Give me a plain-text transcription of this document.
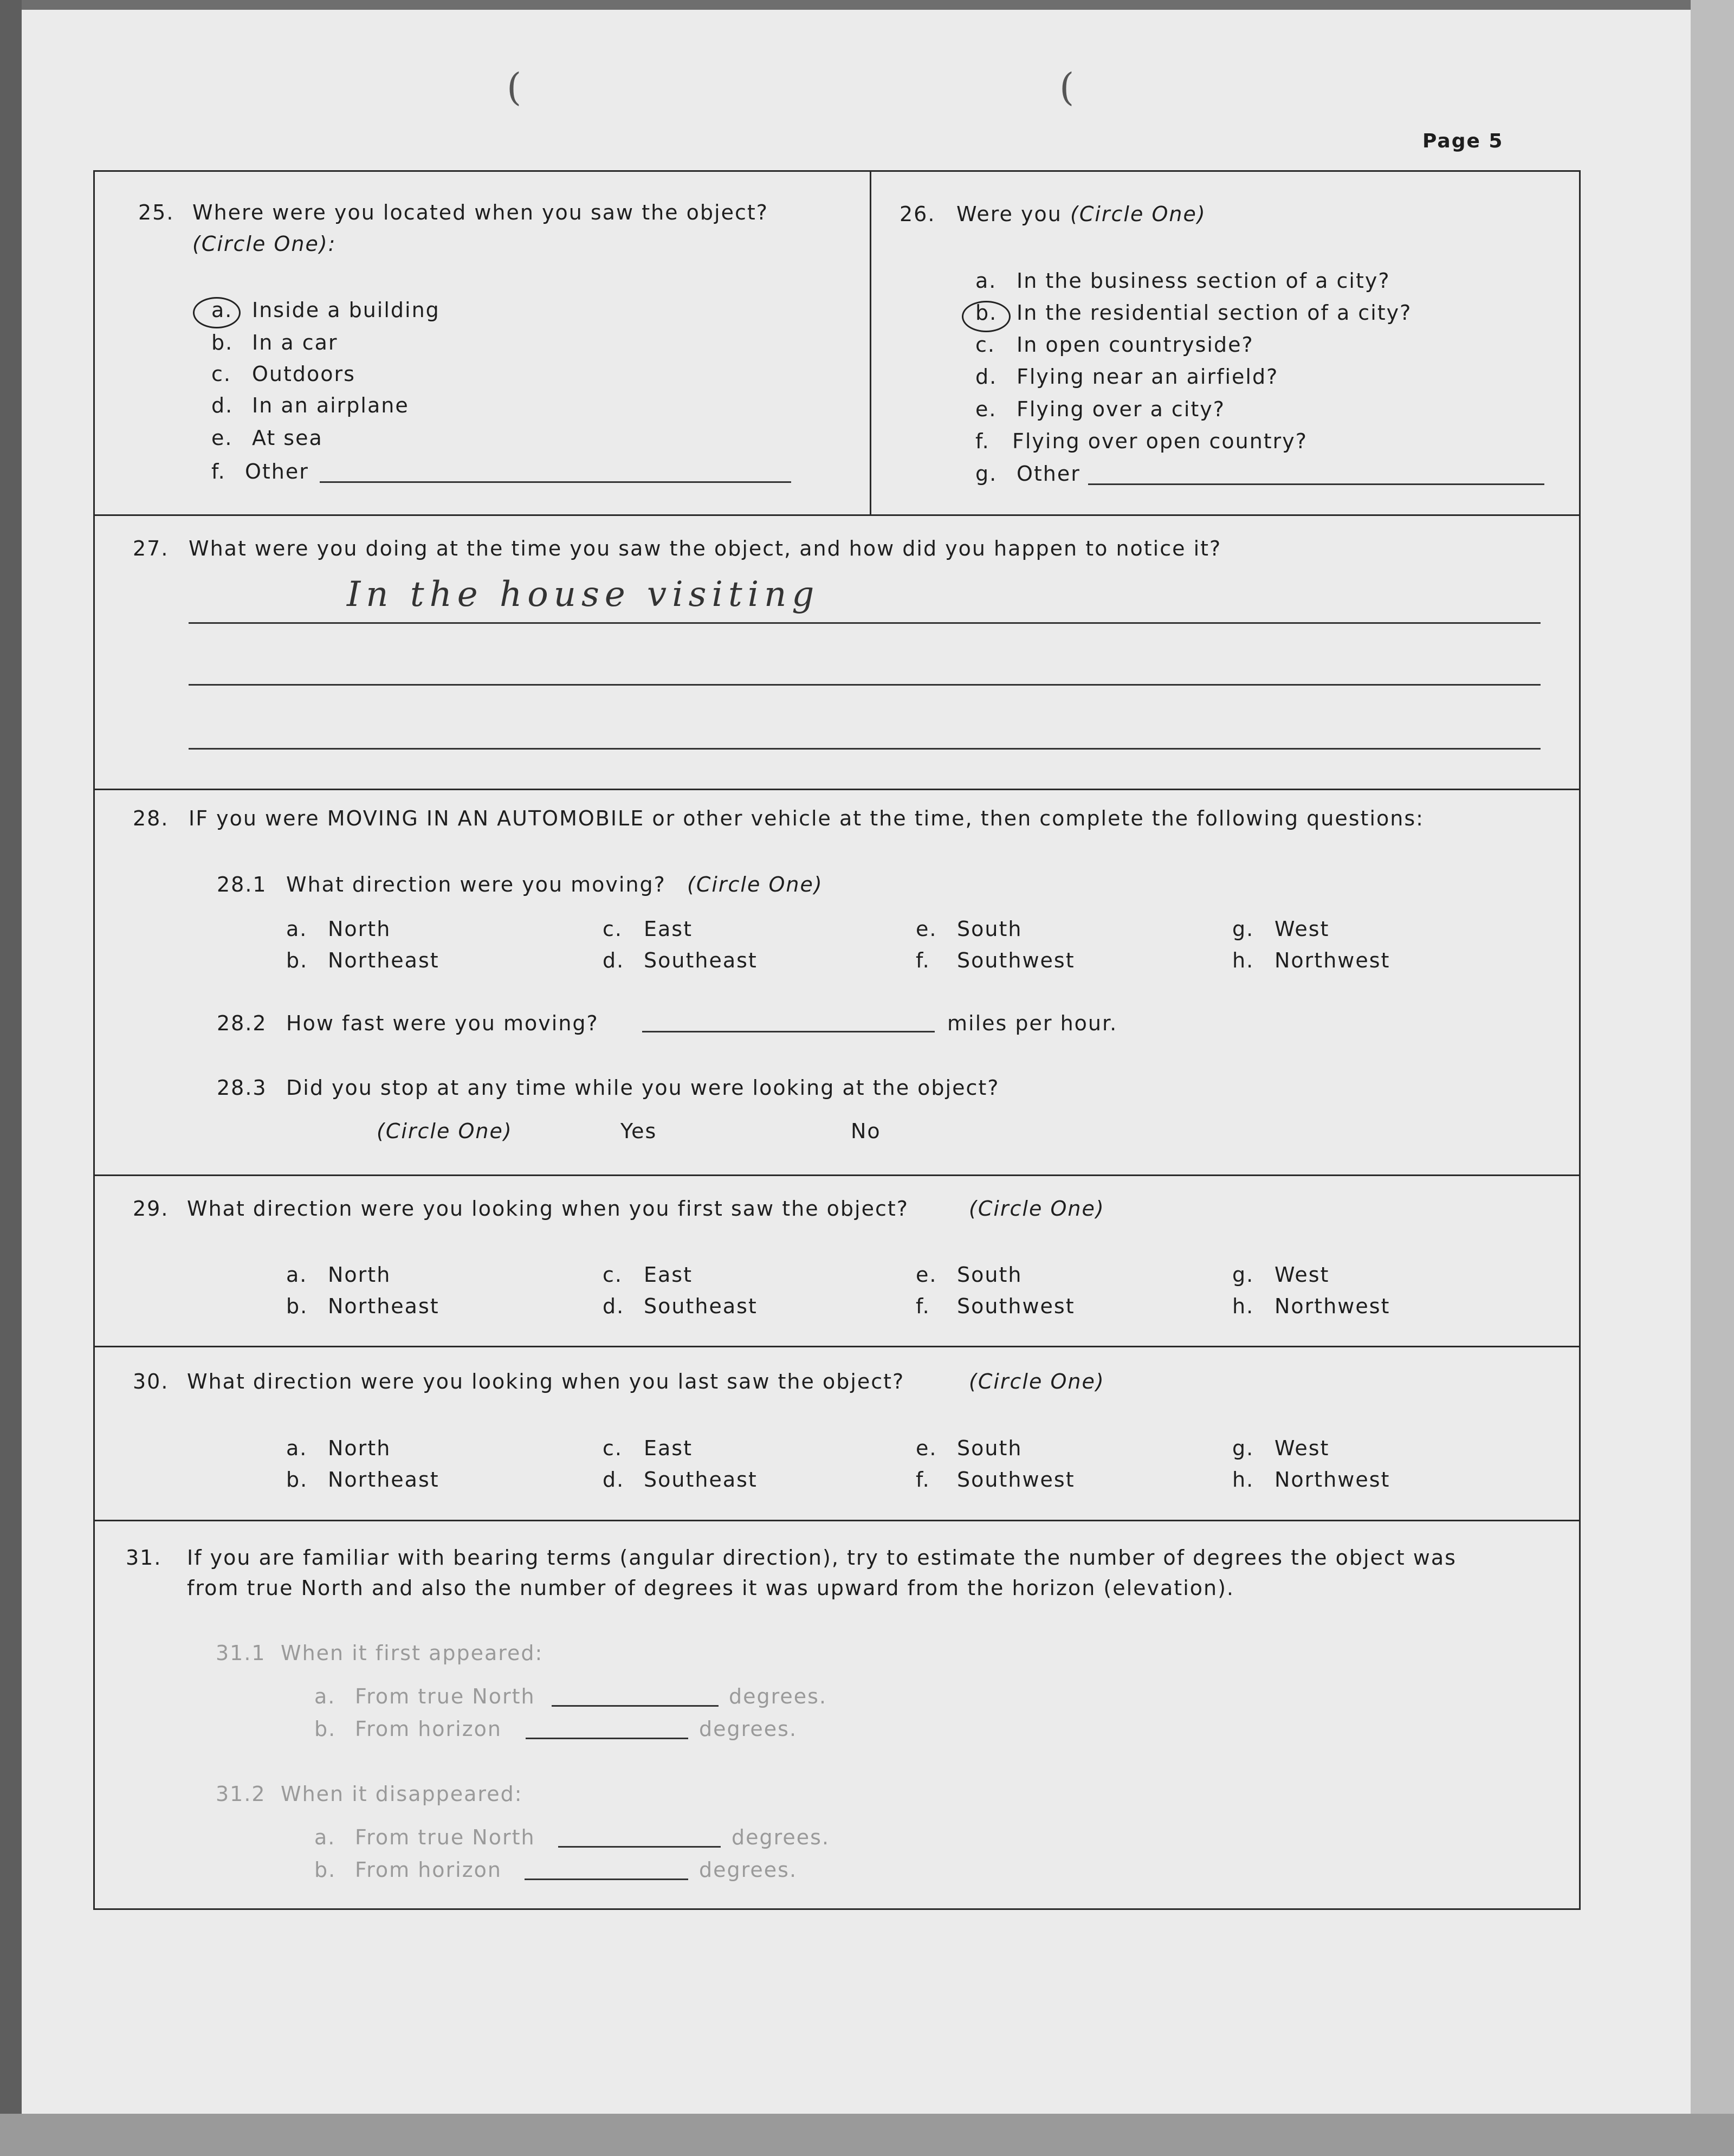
(	(
Page 5
25. Where were you located when you saw the object?
(Circle One):
a. Inside a building
b. In a car
c. Outdoors
d. In an airplane
e. At sea
f. Other
26. Were you (Circle One)
a. In the business section of a city?
b. In the residential section of a city?
c. In open countryside?
d. Flying near an airfield?
e. Flying over a city?
f. Flying over open country?
g. Other
27. What were you doing at the time you saw the object, and how did you happen to notice it?
In the house visiting
28. IF you were MOVING IN AN AUTOMOBILE or other vehicle at the time, then complete the following questions:
28.1 What direction were you moving? (Circle One)
a. North
b. Northeast
c. East
d. Southeast
e. South
f. Southwest
g. West
h. Northwest
28.2 How fast were you moving?	miles per hour.
28.3 Did you stop at any time while you were looking at the object?
(Circle One)	Yes	No
29. What direction were you looking when you first saw the object?	(Circle One)
a. North
b. Northeast
c. East
d. Southeast
e. South
f. Southwest
g. West
h. Northwest
30. What direction were you looking when you last saw the object?	(Circle One)
a. North
b. Northeast
c. East
d. Southeast
e. South
f. Southwest
g. West
h. Northwest
31. If you are familiar with bearing terms (angular direction), try to estimate the number of degrees the object was
from true North and also the number of degrees it was upward from the horizon (elevation).
31.1 When it first appeared:
a. From true North	degrees.
b. From horizon	degrees.
31.2 When it disappeared:
a. From true North	degrees.
b. From horizon	degrees.
